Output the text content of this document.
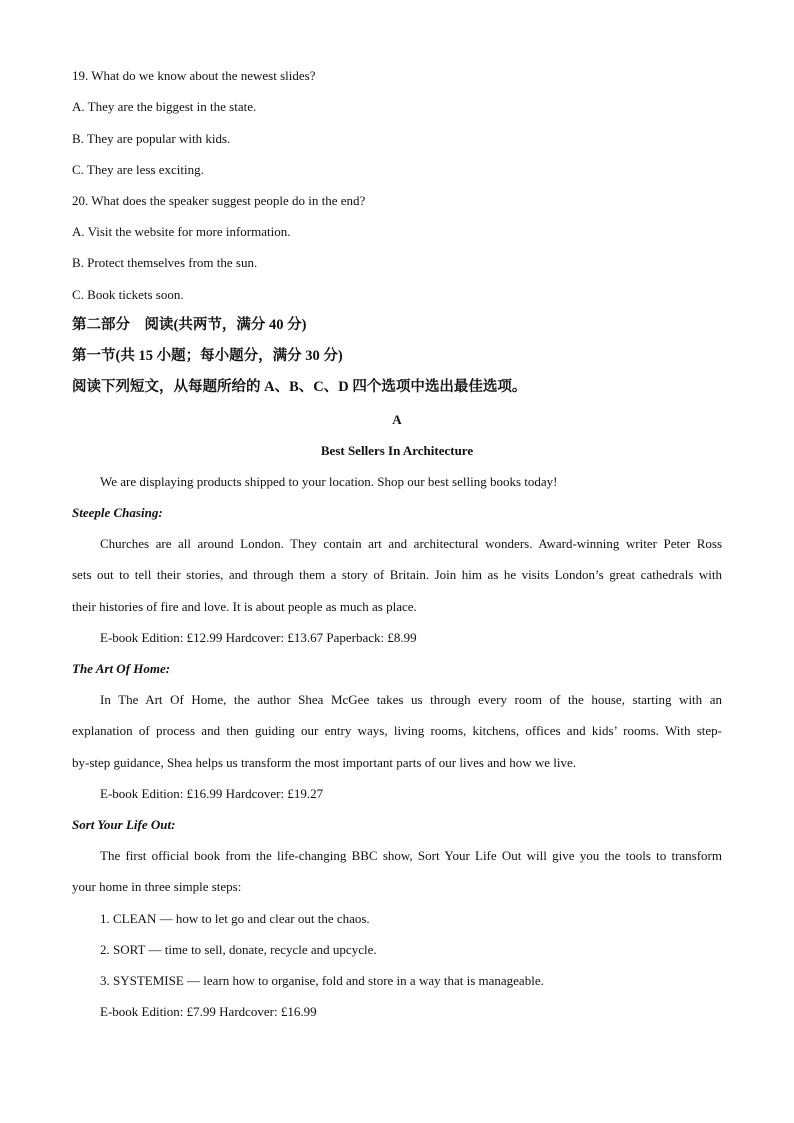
19. What do we know about the newest slides?
A. They are the biggest in the state.
B. They are popular with kids.
C. They are less exciting.
20. What does the speaker suggest people do in the end?
A. Visit the website for more information.
B. Protect themselves from the sun.
C. Book tickets soon.
第二部分　阅读(共两节，满分 40 分)
第一节(共 15 小题；每小题分，满分 30 分)
阅读下列短文，从每题所给的 A、B、C、D 四个选项中选出最佳选项。
A
Best Sellers In Architecture
We are displaying products shipped to your location. Shop our best selling books today!
Steeple Chasing:
Churches are all around London. They contain art and architectural wonders. Award-winning writer Peter Ross
sets out to tell their stories, and through them a story of Britain. Join him as he visits London’s great cathedrals with
their histories of fire and love. It is about people as much as place.
E-book Edition: £12.99 Hardcover: £13.67 Paperback: £8.99
The Art Of Home:
In The Art Of Home, the author Shea McGee takes us through every room of the house, starting with an
explanation of process and then guiding our entry ways, living rooms, kitchens, offices and kids’ rooms. With step-
by-step guidance, Shea helps us transform the most important parts of our lives and how we live.
E-book Edition: £16.99 Hardcover: £19.27
Sort Your Life Out:
The first official book from the life-changing BBC show, Sort Your Life Out will give you the tools to transform
your home in three simple steps:
1. CLEAN — how to let go and clear out the chaos.
2. SORT — time to sell, donate, recycle and upcycle.
3. SYSTEMISE — learn how to organise, fold and store in a way that is manageable.
E-book Edition: £7.99 Hardcover: £16.99
